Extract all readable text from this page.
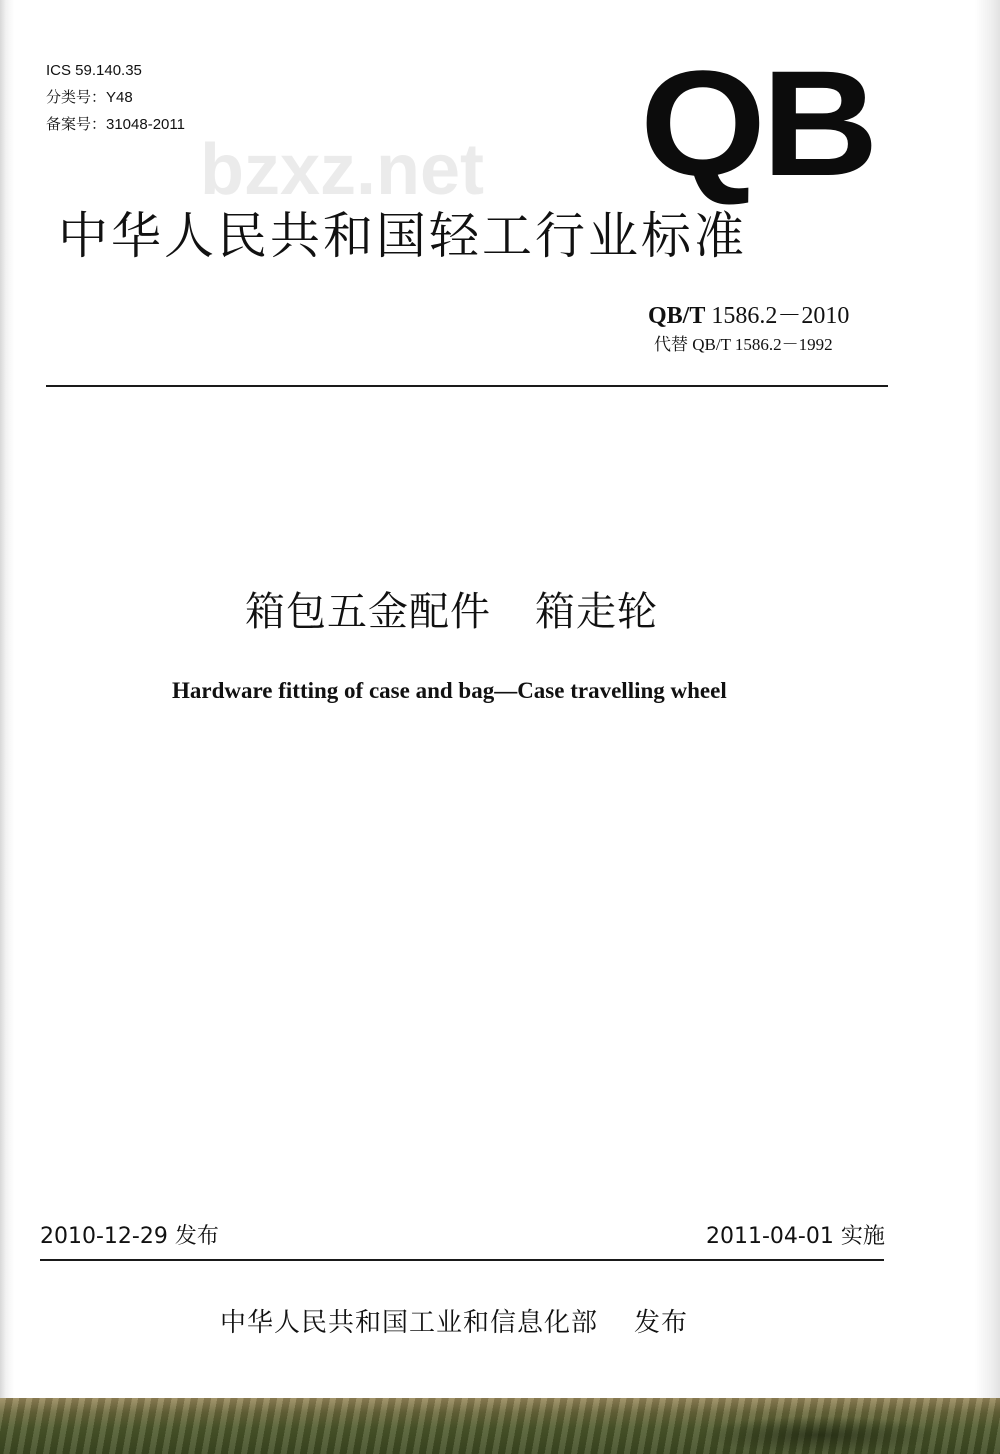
bzxz.net
ICS 59.140.35
分类号：Y48
备案号：31048-2011	QB
中华人民共和国轻工行业标准
QB/T 1586.2－2010
代替 QB/T 1586.2－1992
箱包五金配件 箱走轮
Hardware fitting of case and bag—Case travelling wheel
2010-12-29 发布	2011-04-01 实施
中华人民共和国工业和信息化部 发布
